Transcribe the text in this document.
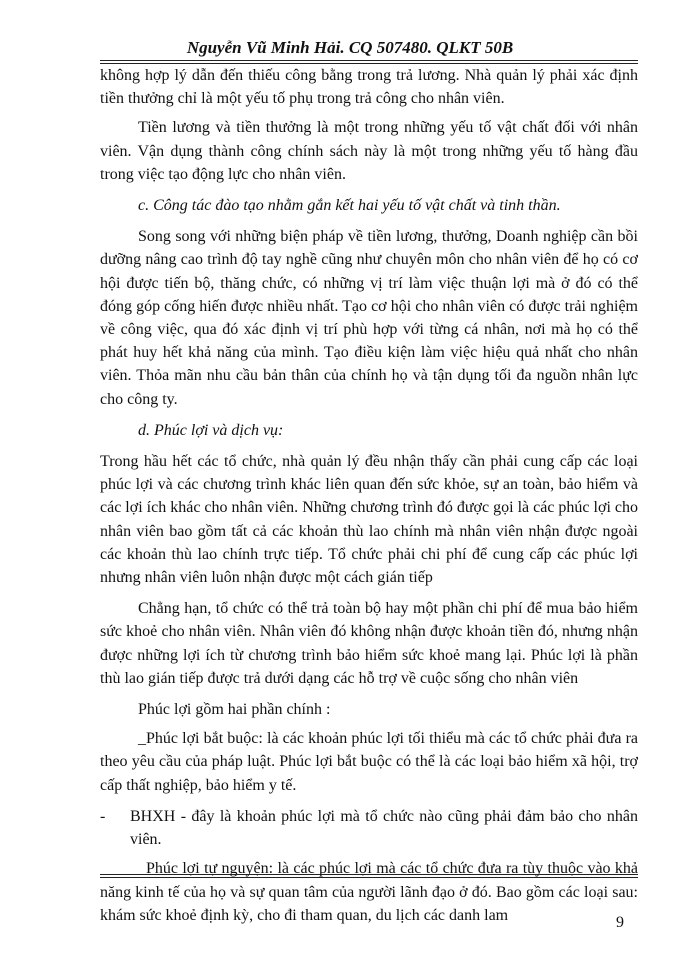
Nguyễn Vũ Minh Hải. CQ 507480. QLKT 50B

không hợp lý dẫn đến thiếu công bằng trong trả lương. Nhà quản lý phải xác định tiền thưởng chỉ là một yếu tố phụ trong trả công cho nhân viên.

Tiền lương và tiền thưởng là một trong những yếu tố vật chất đối với nhân viên. Vận dụng thành công chính sách này là một trong những yếu tố hàng đầu trong việc tạo động lực cho nhân viên.

c. Công tác đào tạo nhằm gắn kết hai yếu tố vật chất và tinh thần.

Song song với những biện pháp về tiền lương, thưởng, Doanh nghiệp cần bồi dưỡng nâng cao trình độ tay nghề cũng như chuyên môn cho nhân viên để họ có cơ hội được tiến bộ, thăng chức, có những vị trí làm việc thuận lợi mà ở đó có thể đóng góp cống hiến được nhiều nhất. Tạo cơ hội cho nhân viên có được trải nghiệm về công việc, qua đó xác định vị trí phù hợp với từng cá nhân, nơi mà họ có thể phát huy hết khả năng của mình. Tạo điều kiện làm việc hiệu quả nhất cho nhân viên. Thỏa mãn nhu cầu bản thân của chính họ và tận dụng tối đa nguồn nhân lực cho công ty.

d. Phúc lợi và dịch vụ:

Trong hầu hết các tổ chức, nhà quản lý đều nhận thấy cần phải cung cấp các loại phúc lợi và các chương trình khác liên quan đến sức khỏe, sự an toàn, bảo hiểm và các lợi ích khác cho nhân viên. Những chương trình đó được gọi là các phúc lợi cho nhân viên bao gồm tất cả các khoản thù lao chính mà nhân viên nhận được ngoài các khoản thù lao chính trực tiếp. Tổ chức phải chi phí để cung cấp các phúc lợi nhưng nhân viên luôn nhận được một cách gián tiếp

Chẳng hạn, tổ chức có thể trả toàn bộ hay một phần chi phí để mua bảo hiểm sức khoẻ cho nhân viên. Nhân viên đó không nhận được khoản tiền đó, nhưng nhận được những lợi ích từ chương trình bảo hiểm sức khoẻ mang lại. Phúc lợi là phần thù lao gián tiếp được trả dưới dạng các hỗ trợ về cuộc sống cho nhân viên

Phúc lợi gồm hai phần chính :

_Phúc lợi bắt buộc: là các khoản phúc lợi tối thiểu mà các tổ chức phải đưa ra theo yêu cầu của pháp luật. Phúc lợi bắt buộc có thể là các loại bảo hiểm xã hội, trợ cấp thất nghiệp, bảo hiểm y tế.

- BHXH - đây là khoản phúc lợi mà tổ chức nào cũng phải đảm bảo cho nhân viên.

_Phúc lợi tự nguyện: là các phúc lợi mà các tổ chức đưa ra tùy thuộc vào khả năng kinh tế của họ và sự quan tâm của người lãnh đạo ở đó. Bao gồm các loại sau: khám sức khoẻ định kỳ, cho đi tham quan, du lịch các danh lam	9
